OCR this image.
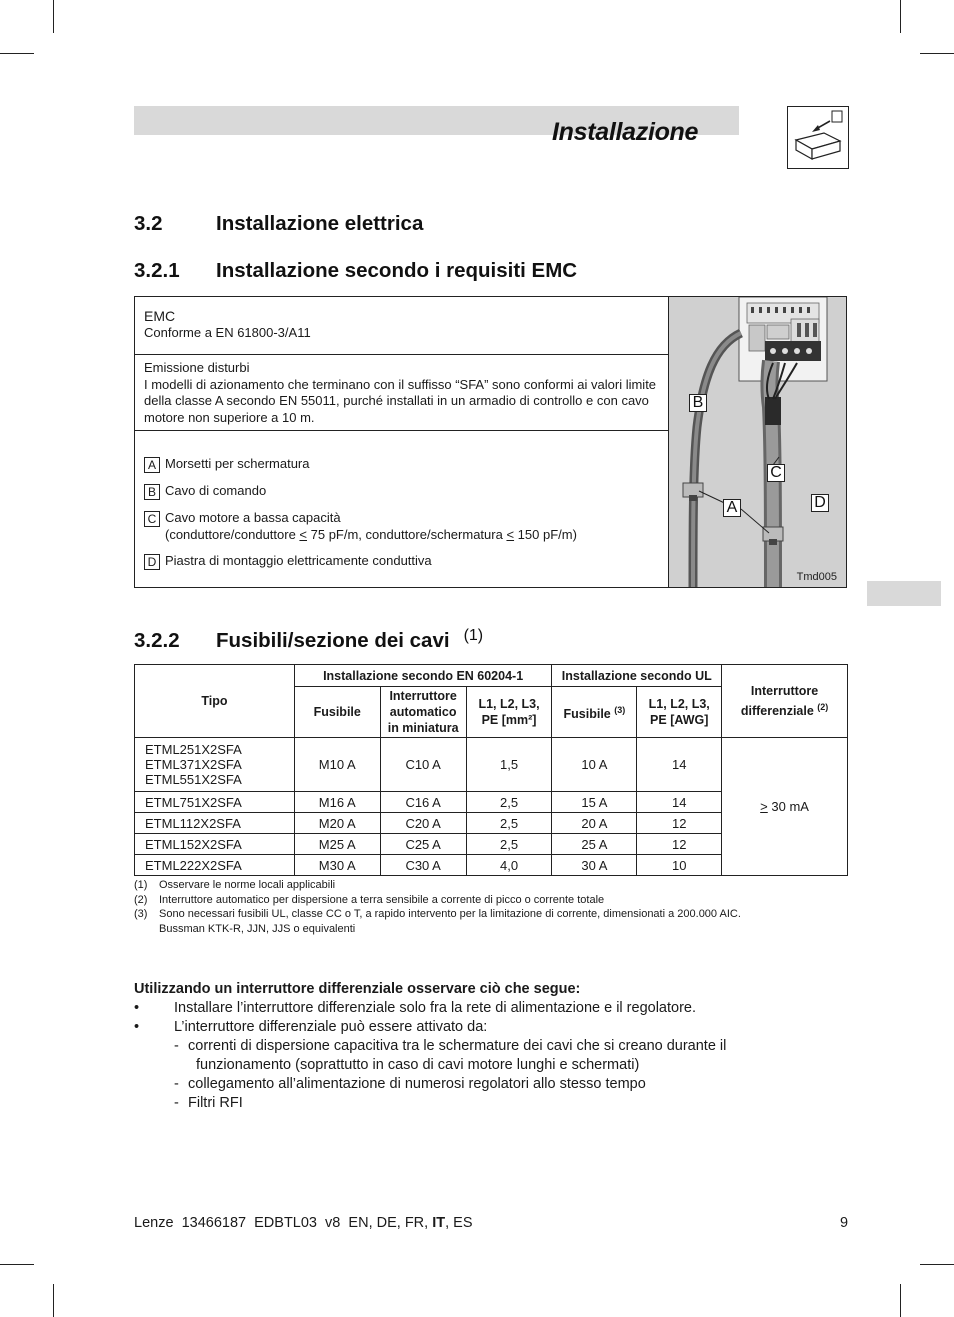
Installazione
3.2	Installazione elettrica
3.2.1 Installazione secondo i requisiti EMC
EMC
Conforme a EN 61800-3/A11
Emissione disturbi
I modelli di azionamento che terminano con il suffisso “SFA” sono conformi ai valori limite della classe A secondo EN 55011, purché installati in un armadio di controllo e con cavo motore non superiore a 10 m.
A Morsetti per schermatura
B Cavo di comando
C Cavo motore a bassa capacità
(conduttore/conduttore ≤ 75 pF/m, conduttore/schermatura ≤ 150 pF/m)
D Piastra di montaggio elettricamente conduttiva
B
C
A	D
Tmd005
3.2.2 Fusibili/sezione dei cavi $^{(1)}$
Tipo	Installazione secondo EN 60204-1			Installazione secondo UL		Interruttore differenziale $^{(2)}$
	Fusibile	Interruttore automatico in miniatura	L1, L2, L3, PE [mm²]	Fusibile $^{(3)}$	L1, L2, L3, PE [AWG]	

ETML251X2SFA
ETML371X2SFA
ETML551X2SFA	M10 A	C10 A	1,5	10 A	14	≥ 30 mA
ETML751X2SFA	M16 A	C16 A	2,5	15 A	14	
ETML112X2SFA	M20 A	C20 A	2,5	20 A	12	
ETML152X2SFA	M25 A	C25 A	2,5	25 A	12	
ETML222X2SFA	M30 A	C30 A	4,0	30 A	10	
(1)	Osservare le norme locali applicabili
(2)	Interruttore automatico per dispersione a terra sensibile a corrente di picco o corrente totale
(3)	Sono necessari fusibili UL, classe CC o T, a rapido intervento per la limitazione di corrente, dimensionati a 200.000 AIC.
Bussman KTK-R, JJN, JJS o equivalenti
Utilizzando un interruttore differenziale osservare ciò che segue:
•	Installare l’interruttore differenziale solo fra la rete di alimentazione e il regolatore.
•	L’interruttore differenziale può essere attivato da:
- correnti di dispersione capacitiva tra le schermature dei cavi che si creano durante il
funzionamento (soprattutto in caso di cavi motore lunghi e schermati)
- collegamento all’alimentazione di numerosi regolatori allo stesso tempo
- Filtri RFI
Lenze  13466187  EDBTL03  v8  EN, DE, FR, IT, ES	9
